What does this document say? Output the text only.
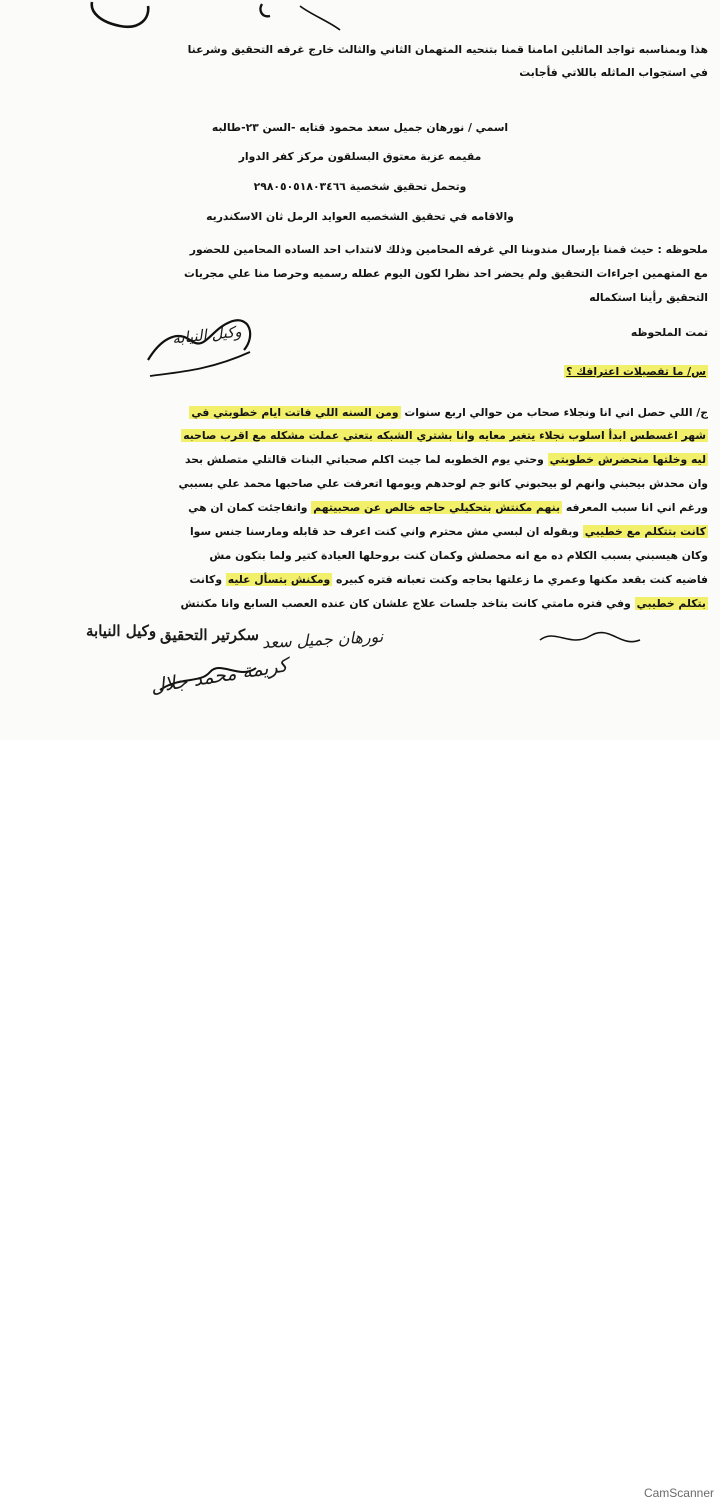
هذا وبمناسبه تواجد الماثلين امامنا قمنا بتنحيه المتهمان الثاني والثالث خارج غرفه التحقيق وشرعنا
في استجواب الماثله باللاتي فأجابت
اسمي / نورهان جميل سعد محمود قتايه -السن ٢٣-طالبه
مقيمه عزبة معتوق البسلقون مركز كفر الدوار
وتحمل تحقيق شخصية ٢٩٨٠٥٠٥١٨٠٣٤٦٦
والاقامه في تحقيق الشخصيه العوايد الرمل ثان الاسكندريه
ملحوظه : حيث قمنا بإرسال مندوبنا الي غرفه المحامين وذلك لانتداب احد الساده المحامين للحضور
مع المتهمين اجراءات التحقيق ولم يحضر احد نظرا لكون اليوم عطله رسميه وحرصا منا علي مجريات
التحقيق رأينا استكماله
تمت الملحوظه
وكيل النيابة
س/ ما تفصيلات اعترافك ؟
ج/ اللي حصل اني انا ونجلاء صحاب من حوالي اربع سنوات ومن السنه اللي فاتت ايام خطوبتي في
شهر اغسطس ابدأ اسلوب نجلاء يتغير معايه وانا بشتري الشبكه بتعتي عملت مشكله مع اقرب صاحبه
ليه وخلتها متحضرش خطوبتي وحتي يوم الخطوبه لما جيت اكلم صحباتي البنات قالتلي متصلش بحد
وان محدش بيحبني وانهم لو بيحبوني كانو جم لوحدهم ويومها اتعرفت علي صاحبها محمد علي بسببي
ورغم اني انا سبب المعرفه بنهم مكنتش بتحكيلي حاجه خالص عن صحبيتهم واتفاجئت كمان ان هي
كانت بتتكلم مع خطيبي وبقوله ان لبسي مش محترم واني كنت اعرف حد قابله ومارسنا جنس سوا
وكان هيسبني بسبب الكلام ده مع انه محصلش وكمان كنت بروحلها العيادة كتير ولما بتكون مش
فاضيه كنت بقعد مكنها وعمري ما زعلتها بحاجه وكنت تعبانه فتره كبيره ومكنش بتسأل عليه وكانت
بتكلم خطيبي وفي فتره مامتي كانت بتاخد جلسات علاج علشان كان عنده العصب السابع وانا مكنتش
وكيل النيابة سكرتير التحقيق نورهان جميل سعد
كريمة محمد جلال
CamScanner
